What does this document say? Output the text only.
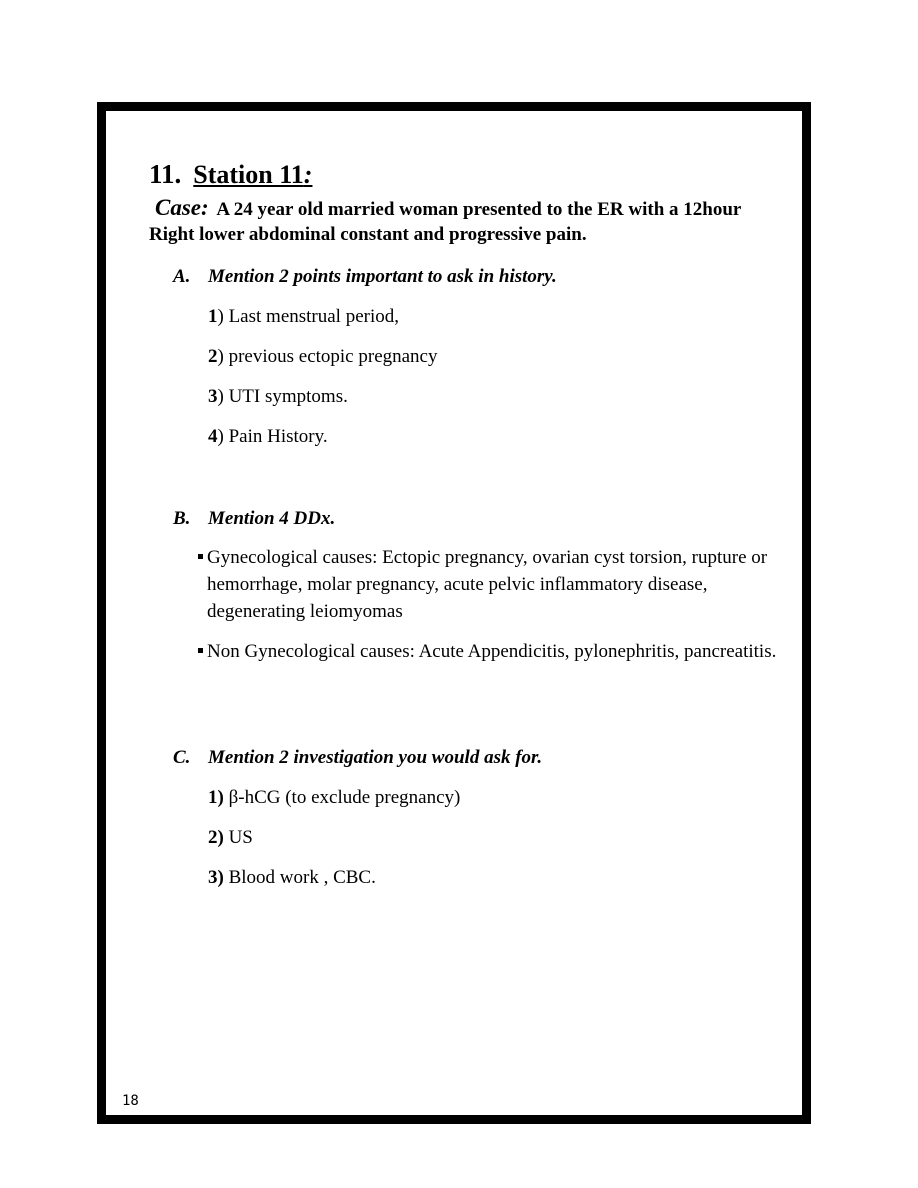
11. Station 11:

Case: A 24 year old married woman presented to the ER with a 12hour Right lower abdominal constant and progressive pain.

A. Mention 2 points important to ask in history.

1) Last menstrual period,
2) previous ectopic pregnancy
3) UTI symptoms.
4) Pain History.

B. Mention 4 DDx.

Gynecological causes: Ectopic pregnancy, ovarian cyst torsion, rupture or hemorrhage, molar pregnancy, acute pelvic inflammatory disease, degenerating leiomyomas
Non Gynecological causes: Acute Appendicitis, pylonephritis, pancreatitis.

C. Mention 2 investigation you would ask for.

1) β-hCG (to exclude pregnancy)
2) US
3) Blood work , CBC.

18
